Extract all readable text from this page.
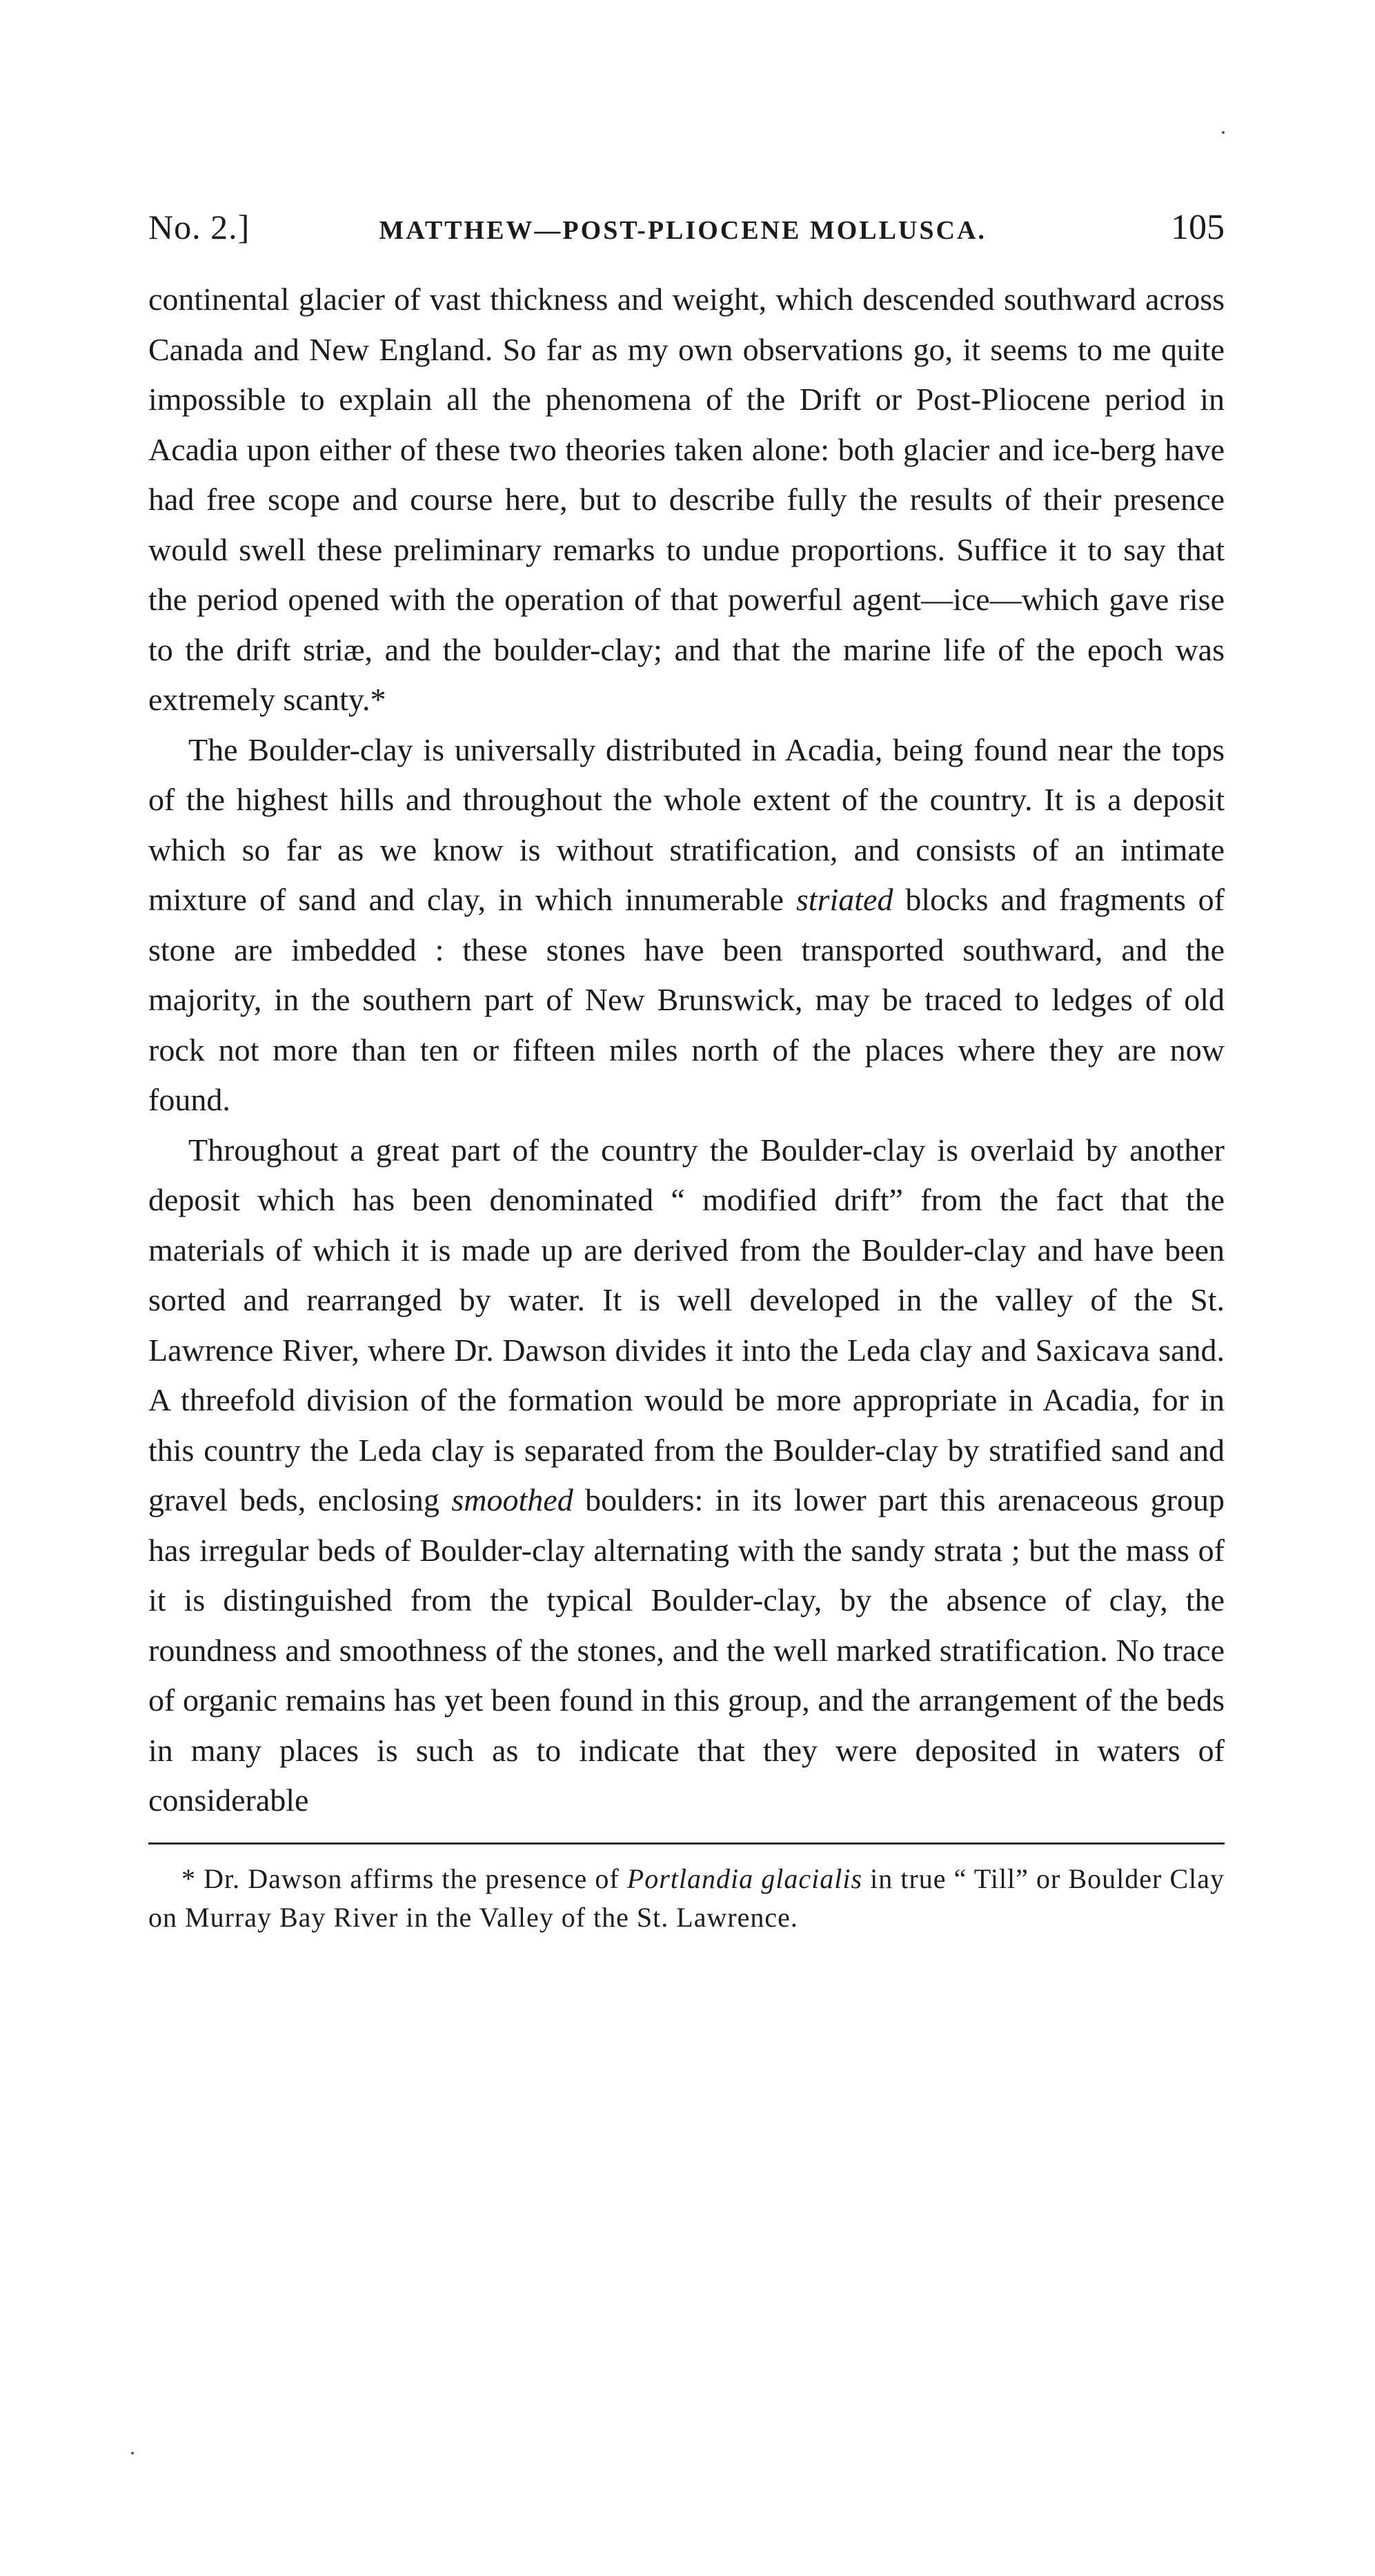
No. 2.]	MATTHEW—POST-PLIOCENE MOLLUSCA.	105

continental glacier of vast thickness and weight, which descended southward across Canada and New England. So far as my own observations go, it seems to me quite impossible to explain all the phenomena of the Drift or Post-Pliocene period in Acadia upon either of these two theories taken alone: both glacier and ice-berg have had free scope and course here, but to describe fully the results of their presence would swell these preliminary remarks to undue proportions. Suffice it to say that the period opened with the operation of that powerful agent—ice—which gave rise to the drift striæ, and the boulder-clay; and that the marine life of the epoch was extremely scanty.*

The Boulder-clay is universally distributed in Acadia, being found near the tops of the highest hills and throughout the whole extent of the country. It is a deposit which so far as we know is without stratification, and consists of an intimate mixture of sand and clay, in which innumerable striated blocks and fragments of stone are imbedded : these stones have been transported southward, and the majority, in the southern part of New Brunswick, may be traced to ledges of old rock not more than ten or fifteen miles north of the places where they are now found.

Throughout a great part of the country the Boulder-clay is overlaid by another deposit which has been denominated “ modified drift” from the fact that the materials of which it is made up are derived from the Boulder-clay and have been sorted and rearranged by water. It is well developed in the valley of the St. Lawrence River, where Dr. Dawson divides it into the Leda clay and Saxicava sand. A threefold division of the formation would be more appropriate in Acadia, for in this country the Leda clay is separated from the Boulder-clay by stratified sand and gravel beds, enclosing smoothed boulders: in its lower part this arenaceous group has irregular beds of Boulder-clay alternating with the sandy strata ; but the mass of it is distinguished from the typical Boulder-clay, by the absence of clay, the roundness and smoothness of the stones, and the well marked stratification. No trace of organic remains has yet been found in this group, and the arrangement of the beds in many places is such as to indicate that they were deposited in waters of considerable

* Dr. Dawson affirms the presence of Portlandia glacialis in true “ Till” or Boulder Clay on Murray Bay River in the Valley of the St. Lawrence.
